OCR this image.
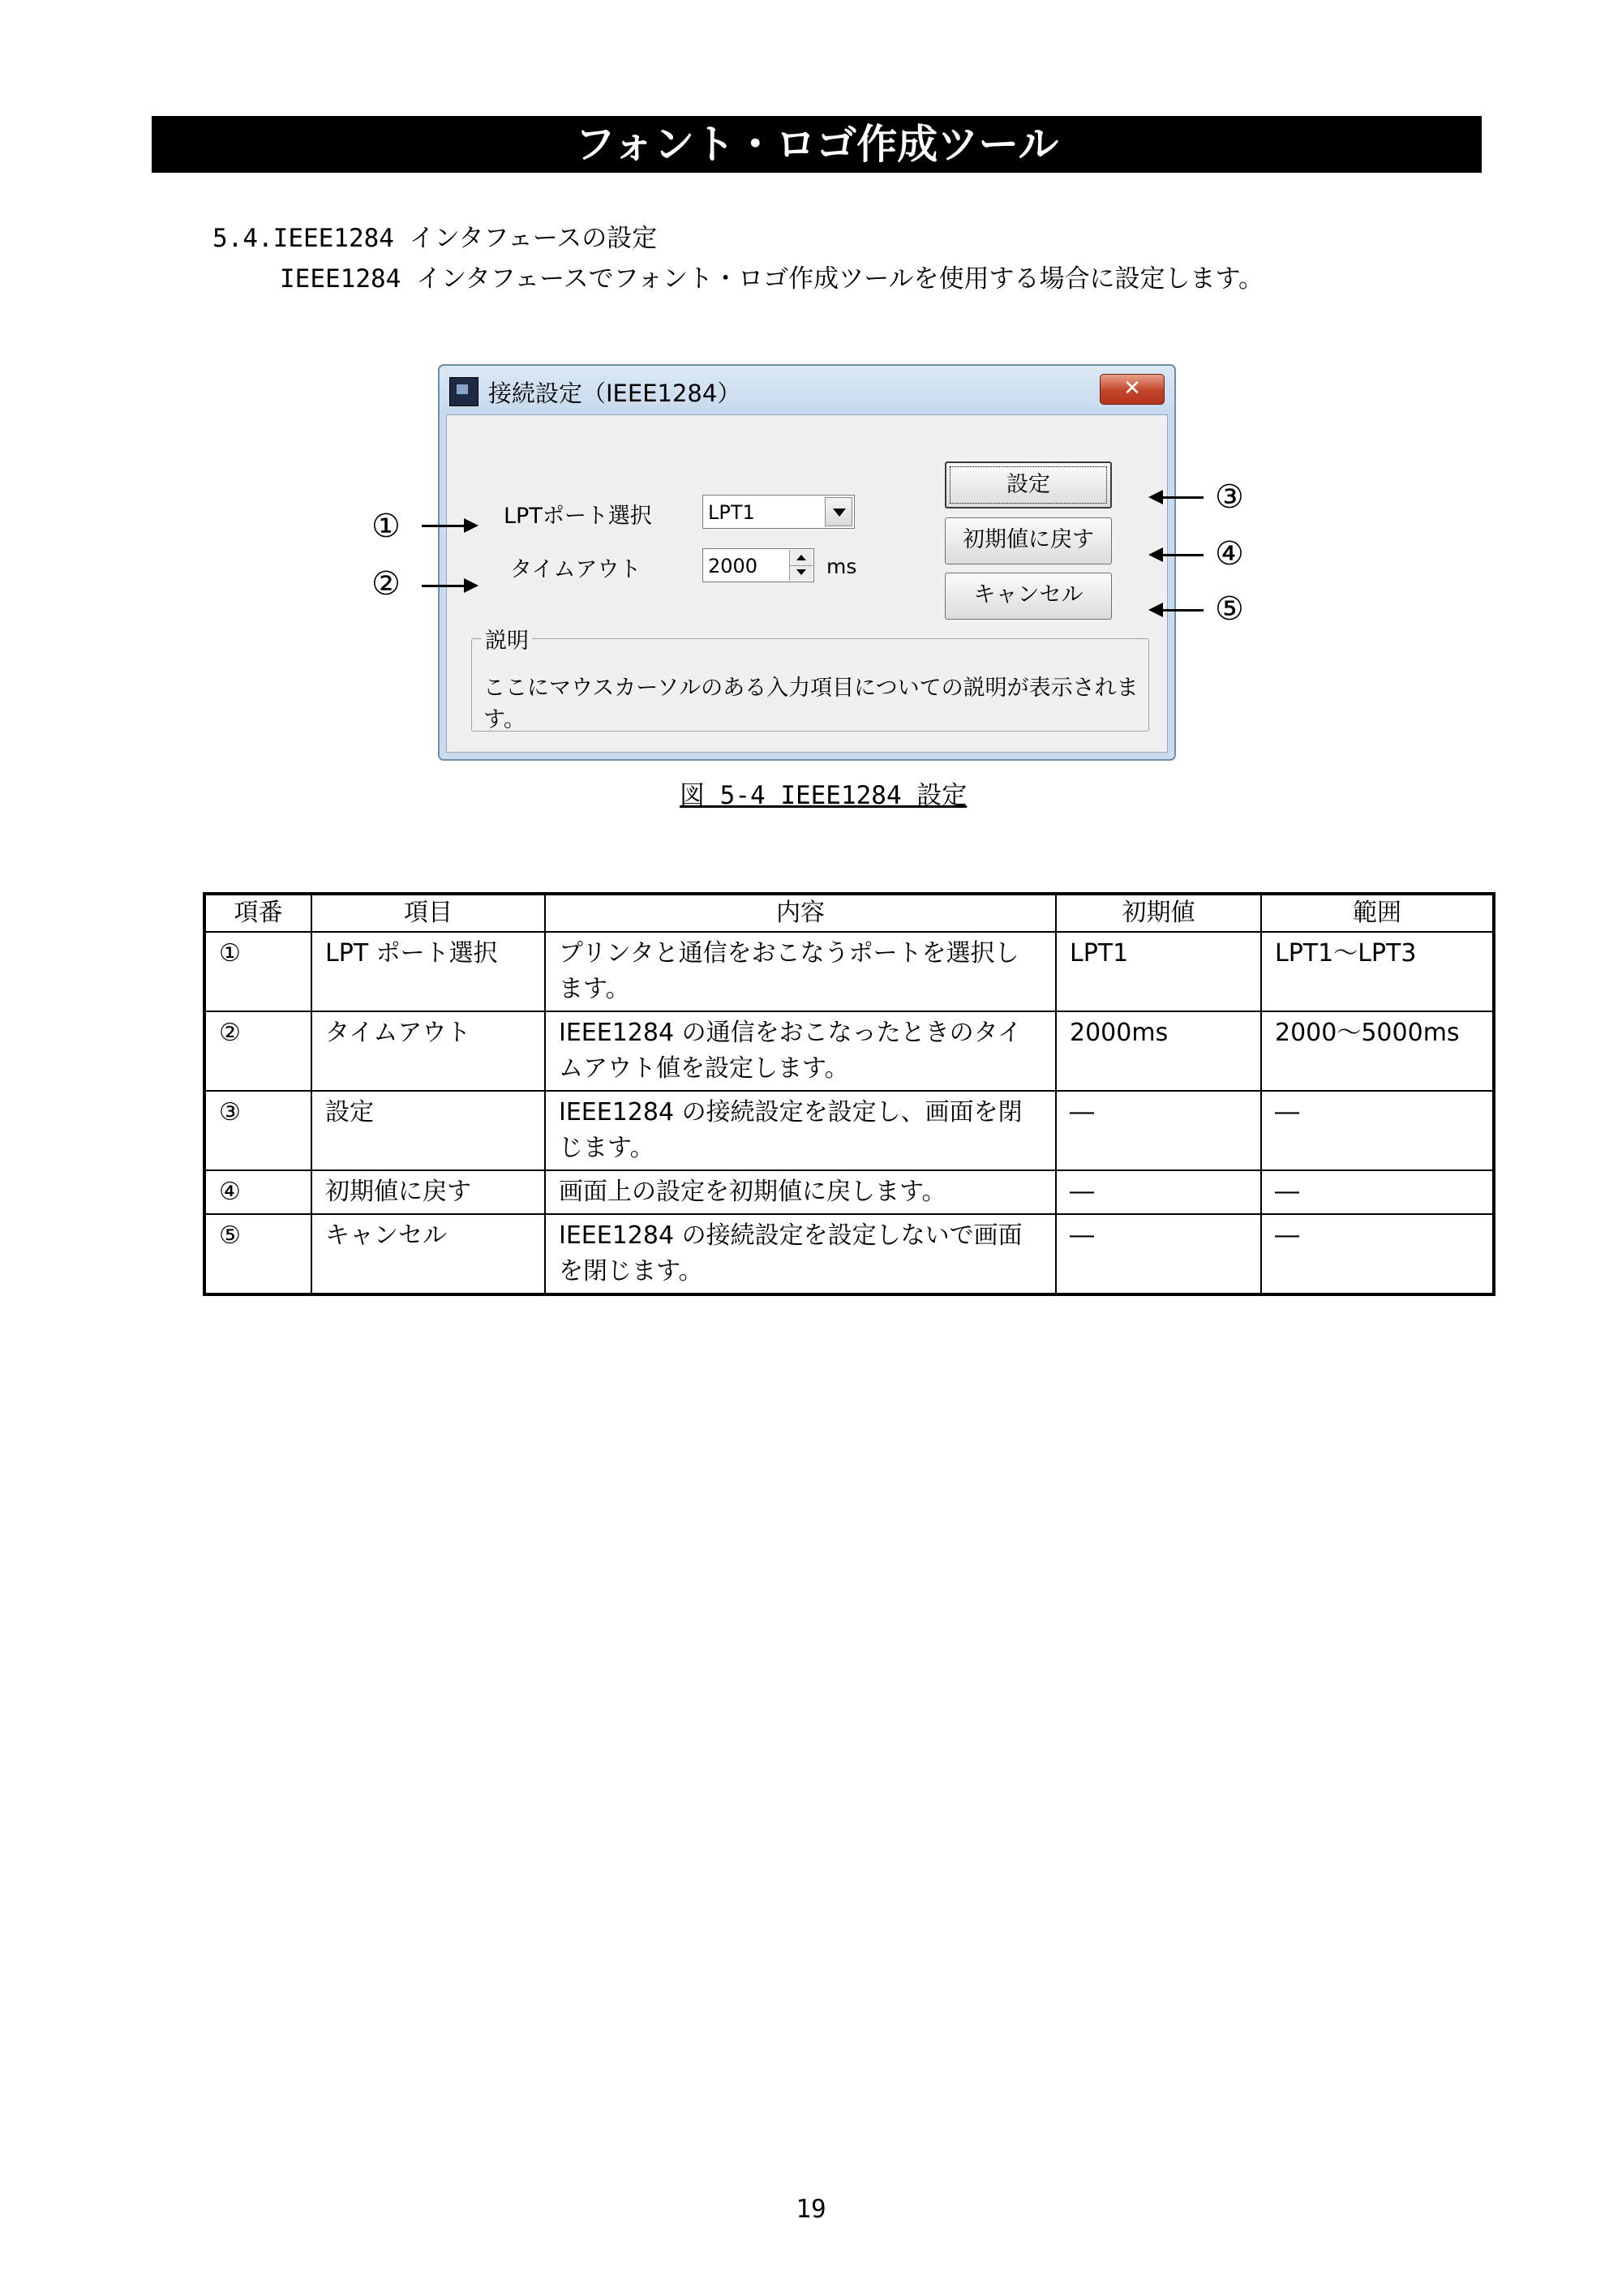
フォント・ロゴ作成ツール
5.4.IEEE1284 インタフェースの設定
IEEE1284 インタフェースでフォント・ロゴ作成ツールを使用する場合に設定します。
接続設定（IEEE1284）	✕
LPTポート選択	LPT1
タイムアウト	2000	ms
設定
初期値に戻す
キャンセル
説明
ここにマウスカーソルのある入力項目についての説明が表示されます。
①
②
③
④
⑤
図 5-4 IEEE1284 設定
項番	項目	内容	初期値	範囲
①	LPT ポート選択	プリンタと通信をおこなうポートを選択します。	LPT1	LPT1～LPT3
②	タイムアウト	IEEE1284 の通信をおこなったときのタイムアウト値を設定します。	2000ms	2000～5000ms
③	設定	IEEE1284 の接続設定を設定し、画面を閉じます。	―	―
④	初期値に戻す	画面上の設定を初期値に戻します。	―	―
⑤	キャンセル	IEEE1284 の接続設定を設定しないで画面を閉じます。	―	―
19
